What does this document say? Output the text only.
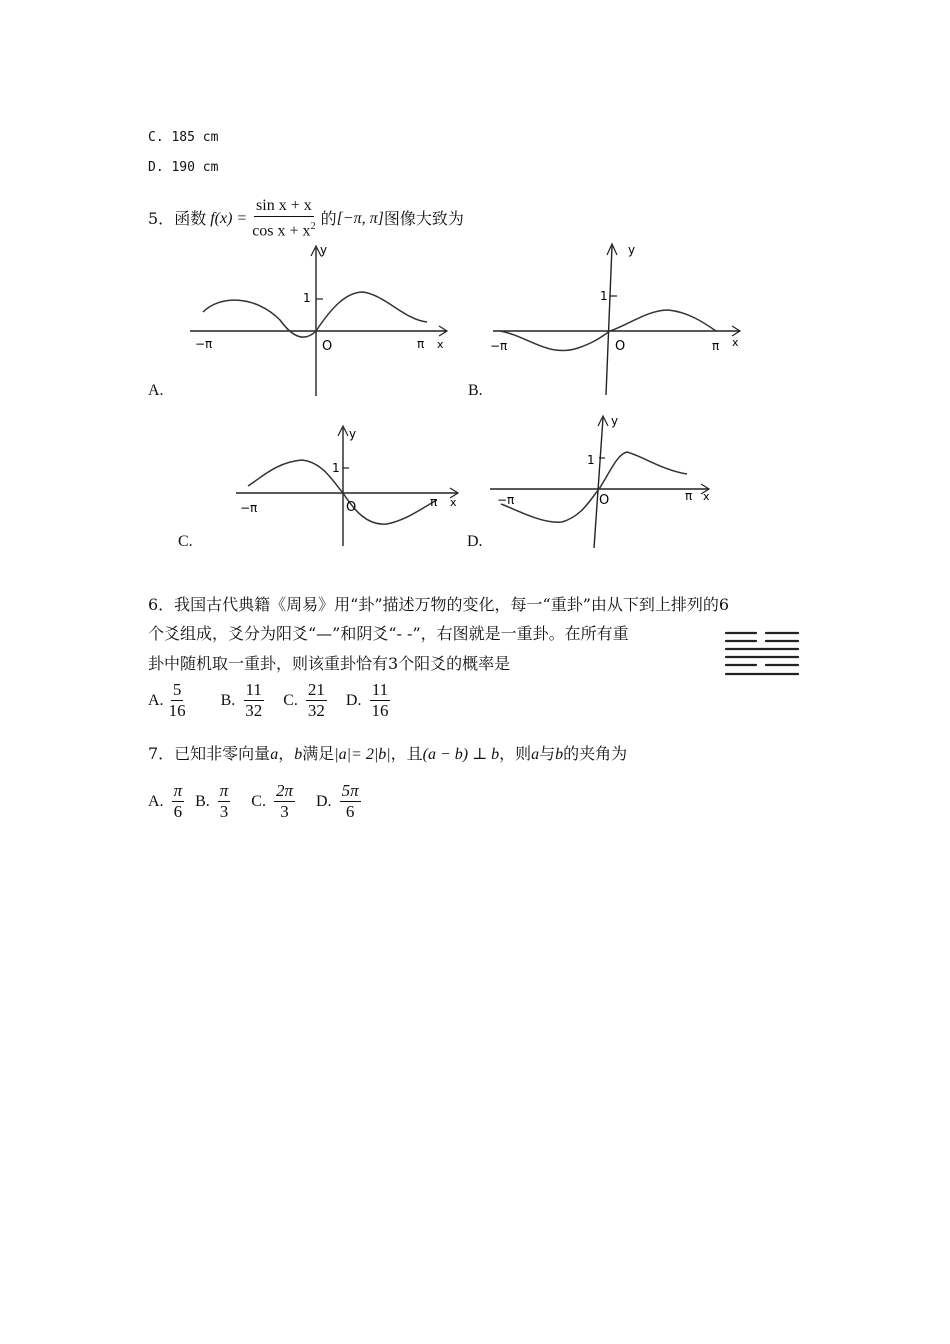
C. 185 cm
D. 190 cm
5． 函数 $f(x) = \frac{\text{sin x + x}}{\cos x + x^2}$ 的 [−π, π] 图像大致为
−π	O
1
π x
y
A.
−π	O
1
π x
y
B.
−π	O
1
π x
y
C.
−π	O
1
π x
y
D.
6．我国古代典籍《周易》用“卦”描述万物的变化，每一“重卦”由从下到上排列的6
个爻组成，爻分为阳爻“—”和阴爻“- -”，右图就是一重卦。在所有重
卦中随机取一重卦，则该重卦恰有3个阳爻的概率是
A. $\frac{5}{16} B$. $\frac{11}{32} C$. $\frac{21}{32} D$. $\frac{11}{16}$
7．已知非零向量a，b满足|a|= 2|b|，且(a − b) ⊥ b，则a与b的夹角为
A. $\frac{\pi}{6} B$. $\frac{\pi}{3} C$. $\frac{2\pi}{3} D$. $\frac{5\pi}{6}$
